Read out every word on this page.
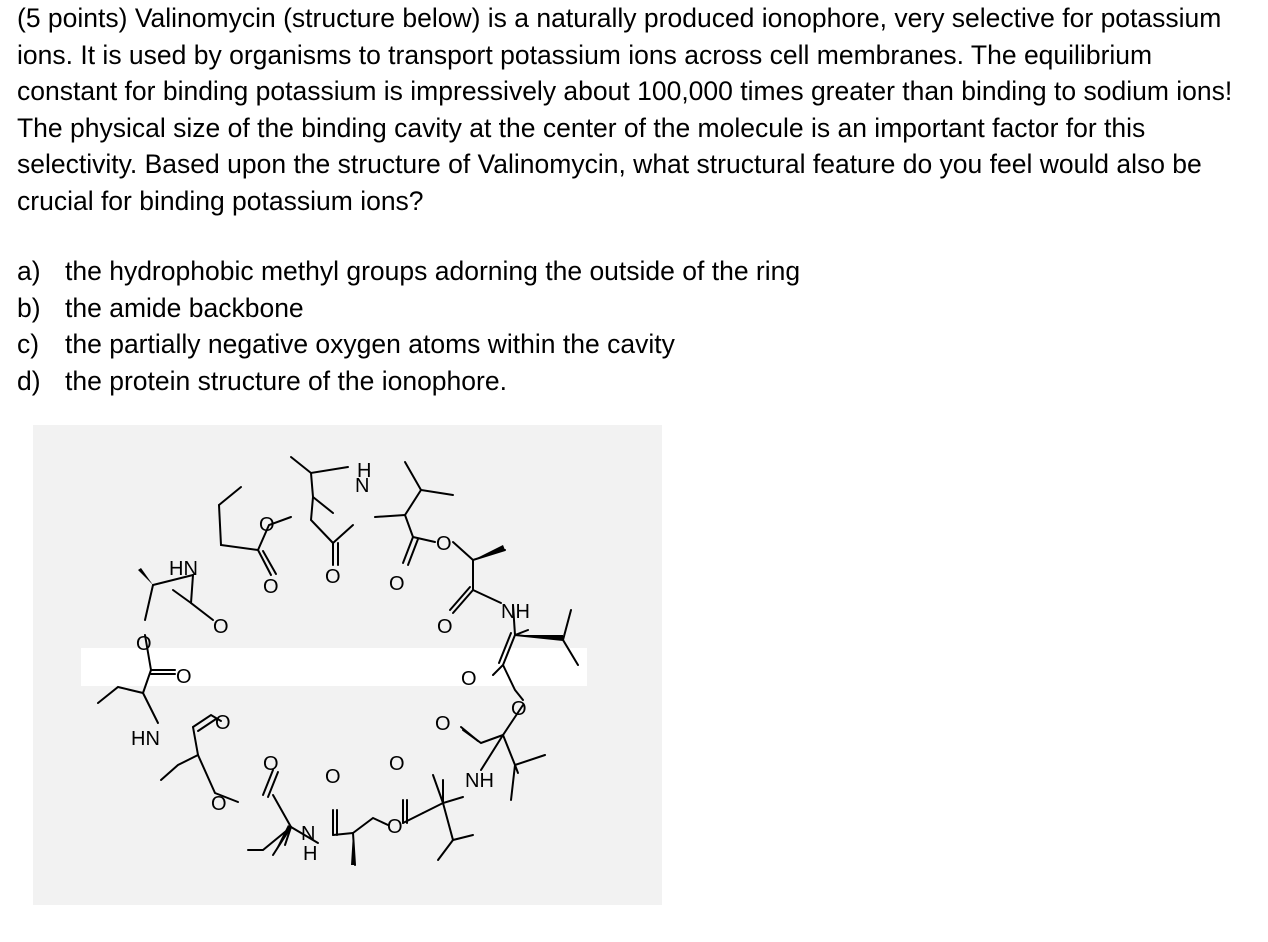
(5 points) Valinomycin (structure below) is a naturally produced ionophore, very selective for potassium ions. It is used by organisms to transport potassium ions across cell membranes. The equilibrium constant for binding potassium is impressively about 100,000 times greater than binding to sodium ions! The physical size of the binding cavity at the center of the molecule is an important factor for this selectivity. Based upon the structure of Valinomycin, what structural feature do you feel would also be crucial for binding potassium ions?

a) the hydrophobic methyl groups adorning the outside of the ring
b) the amide backbone
c) the partially negative oxygen atoms within the cavity
d) the protein structure of the ionophore.
O
N
H
O
O O O
HN
O	O
NH
O
O	O
O
HN
O	O
O
O
O
NH
O
O
N
H
